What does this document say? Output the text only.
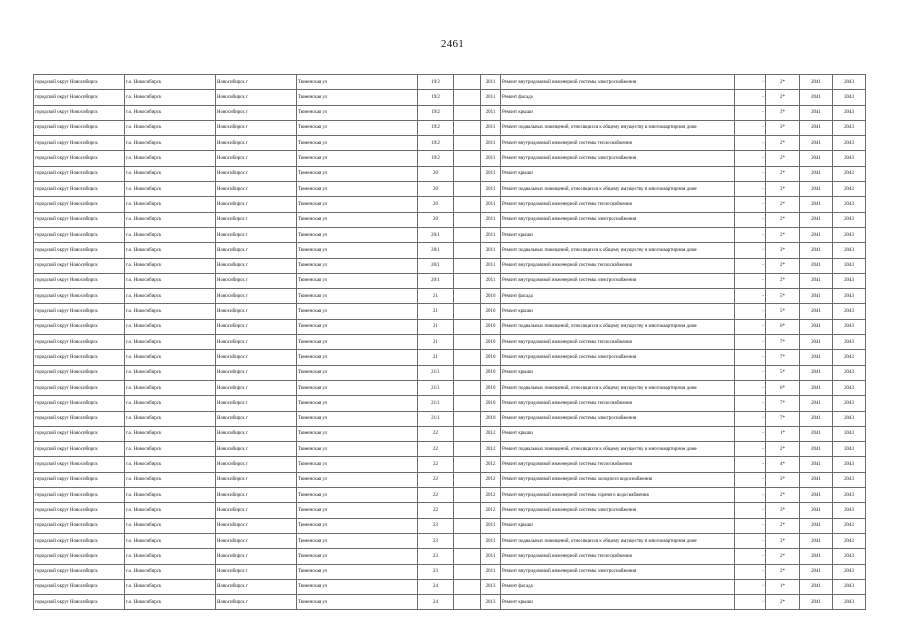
2461
городской округ Новосибирск	г.о. Новосибирск	Новосибирск г	Тюменская ул	19/2		2011	Ремонт внутридомовой инженерной системы электроснабжения	-	2*	2041	2043
городской округ Новосибирск	г.о. Новосибирск	Новосибирск г	Тюменская ул	19/2		2011	Ремонт фасада	-	2*	2041	2043
городской округ Новосибирск	г.о. Новосибирск	Новосибирск г	Тюменская ул	19/2		2011	Ремонт крыши	-	3*	2041	2043
городской округ Новосибирск	г.о. Новосибирск	Новосибирск г	Тюменская ул	19/2		2011	Ремонт подвальных помещений, относящихся к общему имуществу в многоквартирном доме	-	3*	2041	2043
городской округ Новосибирск	г.о. Новосибирск	Новосибирск г	Тюменская ул	19/2		2011	Ремонт внутридомовой инженерной системы теплоснабжения	-	2*	2041	2043
городской округ Новосибирск	г.о. Новосибирск	Новосибирск г	Тюменская ул	19/2		2011	Ремонт внутридомовой инженерной системы электроснабжения	-	2*	2041	2043
городской округ Новосибирск	г.о. Новосибирск	Новосибирск г	Тюменская ул	20		2011	Ремонт крыши	-	2*	2041	2043
городской округ Новосибирск	г.о. Новосибирск	Новосибирск г	Тюменская ул	20		2011	Ремонт подвальных помещений, относящихся к общему имуществу в многоквартирном доме	-	3*	2041	2043
городской округ Новосибирск	г.о. Новосибирск	Новосибирск г	Тюменская ул	20		2011	Ремонт внутридомовой инженерной системы теплоснабжения	-	2*	2041	2043
городской округ Новосибирск	г.о. Новосибирск	Новосибирск г	Тюменская ул	20		2011	Ремонт внутридомовой инженерной системы электроснабжения	-	2*	2041	2043
городской округ Новосибирск	г.о. Новосибирск	Новосибирск г	Тюменская ул	20/1		2011	Ремонт крыши	-	2*	2041	2043
городской округ Новосибирск	г.о. Новосибирск	Новосибирск г	Тюменская ул	20/1		2011	Ремонт подвальных помещений, относящихся к общему имуществу в многоквартирном доме	-	3*	2041	2043
городской округ Новосибирск	г.о. Новосибирск	Новосибирск г	Тюменская ул	20/1		2011	Ремонт внутридомовой инженерной системы теплоснабжения	-	2*	2041	2043
городской округ Новосибирск	г.о. Новосибирск	Новосибирск г	Тюменская ул	20/1		2011	Ремонт внутридомовой инженерной системы электроснабжения	-	2*	2041	2043
городской округ Новосибирск	г.о. Новосибирск	Новосибирск г	Тюменская ул	21		2010	Ремонт фасада	-	5*	2041	2043
городской округ Новосибирск	г.о. Новосибирск	Новосибирск г	Тюменская ул	21		2010	Ремонт крыши	-	5*	2041	2043
городской округ Новосибирск	г.о. Новосибирск	Новосибирск г	Тюменская ул	21		2010	Ремонт подвальных помещений, относящихся к общему имуществу в многоквартирном доме	-	6*	2041	2043
городской округ Новосибирск	г.о. Новосибирск	Новосибирск г	Тюменская ул	21		2010	Ремонт внутридомовой инженерной системы теплоснабжения	-	7*	2041	2043
городской округ Новосибирск	г.о. Новосибирск	Новосибирск г	Тюменская ул	21		2010	Ремонт внутридомовой инженерной системы электроснабжения	-	7*	2041	2043
городской округ Новосибирск	г.о. Новосибирск	Новосибирск г	Тюменская ул	21/1		2010	Ремонт крыши	-	5*	2041	2043
городской округ Новосибирск	г.о. Новосибирск	Новосибирск г	Тюменская ул	21/1		2010	Ремонт подвальных помещений, относящихся к общему имуществу в многоквартирном доме	-	6*	2041	2043
городской округ Новосибирск	г.о. Новосибирск	Новосибирск г	Тюменская ул	21/1		2010	Ремонт внутридомовой инженерной системы теплоснабжения	-	7*	2041	2043
городской округ Новосибирск	г.о. Новосибирск	Новосибирск г	Тюменская ул	21/1		2010	Ремонт внутридомовой инженерной системы электроснабжения	-	7*	2041	2043
городской округ Новосибирск	г.о. Новосибирск	Новосибирск г	Тюменская ул	22		2012	Ремонт крыши	-	1*	2041	2043
городской округ Новосибирск	г.о. Новосибирск	Новосибирск г	Тюменская ул	22		2012	Ремонт подвальных помещений, относящихся к общему имуществу в многоквартирном доме	-	2*	2041	2043
городской округ Новосибирск	г.о. Новосибирск	Новосибирск г	Тюменская ул	22		2012	Ремонт внутридомовой инженерной системы теплоснабжения	-	4*	2041	2043
городской округ Новосибирск	г.о. Новосибирск	Новосибирск г	Тюменская ул	22		2012	Ремонт внутридомовой инженерной системы холодного водоснабжения	-	3*	2041	2043
городской округ Новосибирск	г.о. Новосибирск	Новосибирск г	Тюменская ул	22		2012	Ремонт внутридомовой инженерной системы горячего водоснабжения	-	2*	2041	2043
городской округ Новосибирск	г.о. Новосибирск	Новосибирск г	Тюменская ул	22		2012	Ремонт внутридомовой инженерной системы электроснабжения	-	3*	2041	2043
городской округ Новосибирск	г.о. Новосибирск	Новосибирск г	Тюменская ул	23		2011	Ремонт крыши	-	2*	2041	2043
городской округ Новосибирск	г.о. Новосибирск	Новосибирск г	Тюменская ул	23		2011	Ремонт подвальных помещений, относящихся к общему имуществу в многоквартирном доме	-	3*	2041	2043
городской округ Новосибирск	г.о. Новосибирск	Новосибирск г	Тюменская ул	23		2011	Ремонт внутридомовой инженерной системы теплоснабжения	-	2*	2041	2043
городской округ Новосибирск	г.о. Новосибирск	Новосибирск г	Тюменская ул	23		2011	Ремонт внутридомовой инженерной системы электроснабжения	-	2*	2041	2043
городской округ Новосибирск	г.о. Новосибирск	Новосибирск г	Тюменская ул	24		2013	Ремонт фасада	-	1*	2041	2043
городской округ Новосибирск	г.о. Новосибирск	Новосибирск г	Тюменская ул	24		2013	Ремонт крыши	-	2*	2041	2043
